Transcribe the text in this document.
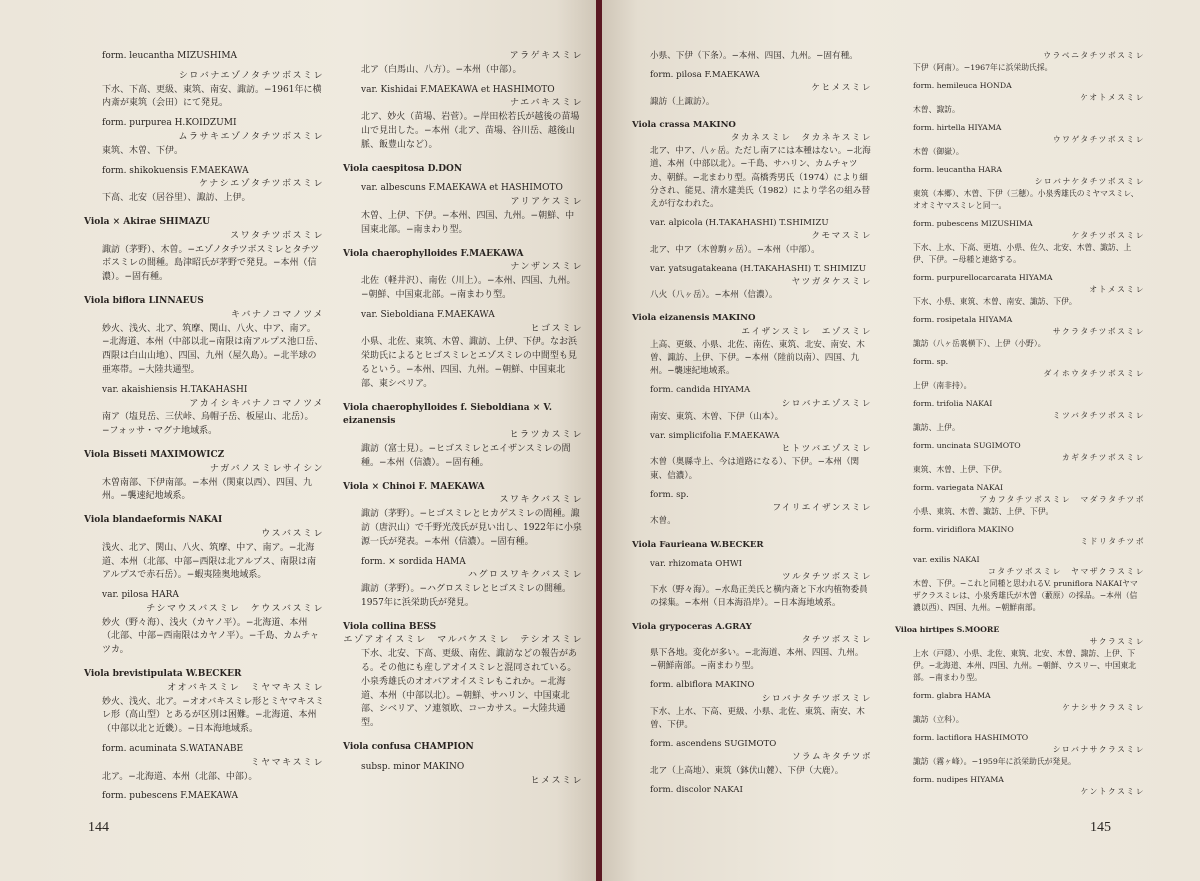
form. leucantha MIZUSHIMA
シロバナエゾノタチツボスミレ
下水、下高、更級、東筑、南安、諏訪。−1961年に横内斎が東筑（会田）にて発見。
form. purpurea H.KOIDZUMI
ムラサキエゾノタチツボスミレ
東筑、木曽、下伊。
form. shikokuensis F.MAEKAWA
ケナシエゾタチツボスミレ
下高、北安（居谷里）、諏訪、上伊。
Viola × Akirae SHIMAZU
スワタチツボスミレ
諏訪（茅野）、木曽。−エゾノタチツボスミレとタチツボスミレの間種。島津昭氏が茅野で発見。−本州（信濃）。−固有種。
Viola biflora LINNAEUS
キバナノコマノツメ
妙火、浅火、北ア、筑摩、関山、八火、中ア、南ア。−北海道、本州（中部以北−南限は南アルプス池口岳、西限は白山山地）、四国、九州（屋久島）。−北半球の亜寒帯。−大陸共通型。
var. akaishiensis H.TAKAHASHI
アカイシキバナノコマノツメ
南ア（塩見岳、三伏峠、烏帽子岳、板屋山、北岳）。−フォッサ・マグナ地域系。
Viola Bisseti MAXIMOWICZ
ナガバノスミレサイシン
木曽南部、下伊南部。−本州（関東以西）、四国、九州。−襲速紀地域系。
Viola blandaeformis NAKAI
ウスバスミレ
浅火、北ア、関山、八火、筑摩、中ア、南ア。−北海道、本州（北部、中部−西限は北アルプス、南限は南アルプスで赤石岳）。−蝦夷陸奥地域系。
var. pilosa HARA
チシマウスバスミレ　ケウスバスミレ
妙火（野々海）、浅火（カヤノ平）。−北海道、本州（北部、中部−西南限はカヤノ平）。−千島、カムチャツカ。
Viola brevistipulata W.BECKER
オオバキスミレ　ミヤマキスミレ
妙火、浅火、北ア。−オオバキスミレ形とミヤマキスミレ形（高山型）とあるが区別は困難。−北海道、本州（中部以北と近畿）。−日本海地域系。
form. acuminata S.WATANABE
ミヤマキスミレ
北ア。−北海道、本州（北部、中部）。
form. pubescens F.MAEKAWA
アラゲキスミレ
北ア（白馬山、八方）。−本州（中部）。
var. Kishidai F.MAEKAWA et HASHIMOTO
ナエバキスミレ
北ア、妙火（苗場、岩菅）。−岸田松若氏が越後の苗場山で見出した。−本州（北ア、苗場、谷川岳、越後山脈、飯豊山など）。
Viola caespitosa D.DON
var. albescuns F.MAEKAWA et HASHIMOTO
アリアケスミレ
木曽、上伊、下伊。−本州、四国、九州。−朝鮮、中国東北部。−南まわり型。
Viola chaerophylloides F.MAEKAWA
ナンザンスミレ
北佐（軽井沢）、南佐（川上）。−本州、四国、九州。−朝鮮、中国東北部。−南まわり型。
var. Sieboldiana F.MAEKAWA
ヒゴスミレ
小県、北佐、東筑、木曽、諏訪、上伊、下伊。なお浜栄助氏によるとヒゴスミレとエゾスミレの中間型も見るという。−本州、四国、九州。−朝鮮、中国東北部、東シベリア。
Viola chaerophylloides f. Sieboldiana × V. eizanensis
ヒラツカスミレ
諏訪（富士見）。−ヒゴスミレとエイザンスミレの間種。−本州（信濃）。−固有種。
Viola × Chinoi F. MAEKAWA
スワキクバスミレ
諏訪（茅野）。−ヒゴスミレとヒカゲスミレの間種。諏訪（唐沢山）で千野光茂氏が見い出し、1922年に小泉源一氏が発表。−本州（信濃）。−固有種。
form. × sordida HAMA
ハグロスワキクバスミレ
諏訪（茅野）。−ハグロスミレとヒゴスミレの間種。1957年に浜栄助氏が発見。
Viola collina BESS
エゾアオイスミレ　マルバケスミレ　テシオスミレ
下水、北安、下高、更級、南佐、諏訪などの報告がある。その他にも産しアオイスミレと混同されている。小泉秀雄氏のオオバアオイスミレもこれか。−北海道、本州（中部以北）。−朝鮮、サハリン、中国東北部、シベリア、ソ連領欧、コーカサス。−大陸共通型。
Viola confusa CHAMPION
subsp. minor MAKINO
ヒメスミレ
144
小県、下伊（下条）。−本州、四国、九州。−固有種。
form. pilosa F.MAEKAWA
ケヒメスミレ
諏訪（上諏訪）。
Viola crassa MAKINO
タカネスミレ　タカネキスミレ
北ア、中ア、八ヶ岳。ただし南アには本種はない。−北海道、本州（中部以北）。−千島、サハリン、カムチャツカ、朝鮮。−北まわり型。高橋秀男氏（1974）により細分され、能見、清水建美氏（1982）により学名の組み替えが行なわれた。
var. alpicola (H.TAKAHASHI) T.SHIMIZU
クモマスミレ
北ア、中ア（木曽駒ヶ岳）。−本州（中部）。
var. yatsugatakeana (H.TAKAHASHI) T. SHIMIZU
ヤツガタケスミレ
八火（八ヶ岳）。−本州（信濃）。
Viola eizanensis MAKINO
エイザンスミレ　エゾスミレ
上高、更級、小県、北佐、南佐、東筑、北安、南安、木曽、諏訪、上伊、下伊。−本州（陸前以南）、四国、九州。−襲速紀地域系。
form. candida HIYAMA
シロバナエゾスミレ
南安、東筑、木曽、下伊（山本）。
var. simplicifolia F.MAEKAWA
ヒトツバエゾスミレ
木曽（奥縣寺上、今は道路になる）、下伊。−本州（関東、信濃）。
form. sp.
フイリエイザンスミレ
木曽。
Viola Faurieana W.BECKER
var. rhizomata OHWI
ツルタチツボスミレ
下水（野々海）。−水島正美氏と横内斎と下水内植物委員の採集。−本州（日本海沿岸）。−日本海地域系。
Viola grypoceras A.GRAY
タチツボスミレ
県下各地。変化が多い。−北海道、本州、四国、九州。−朝鮮南部。−南まわり型。
form. albiflora MAKINO
シロバナタチツボスミレ
下水、上水、下高、更級、小県、北佐、東筑、南安、木曽、下伊。
form. ascendens SUGIMOTO
ソラムキタチツボ
北ア（上高地）、東筑（鉢伏山麓）、下伊（大鹿）。
form. discolor NAKAI
ウラベニタチツボスミレ
下伊（阿南）。−1967年に浜栄助氏採。
form. hemileuca HONDA
ケオトメスミレ
木曽、諏訪。
form. hirtella HIYAMA
ウワゲタチツボスミレ
木曽（御嶽）。
form. leucantha HARA
シロバナケタチツボスミレ
東筑（本郷）、木曽、下伊（三穂）。小泉秀雄氏のミヤマスミレ、オオミヤマスミレと同一。
form. pubescens MIZUSHIMA
ケタチツボスミレ
下水、上水、下高、更埴、小県、佐久、北安、木曽、諏訪、上伊、下伊。−母種と連絡する。
form. purpurellocarcarata HIYAMA
オトメスミレ
下水、小県、東筑、木曽、南安、諏訪、下伊。
form. rosipetala HIYAMA
サクラタチツボスミレ
諏訪（八ヶ岳裏横下）、上伊（小野）。
form. sp.
ダイホウタチツボスミレ
上伊（南非持）。
form. trifolia NAKAI
ミツバタチツボスミレ
諏訪、上伊。
form. uncinata SUGIMOTO
カギタチツボスミレ
東筑、木曽、上伊、下伊。
form. variegata NAKAI
アカフタチツボスミレ　マダラタチツボ
小県、東筑、木曽、諏訪、上伊、下伊。
form. viridiflora MAKINO
ミドリタチツボ
var. exilis NAKAI
コタチツボスミレ　ヤマザクラスミレ
木曽、下伊。−これと同種と思われるV. pruniflora NAKAIヤマザクラスミレは、小泉秀雄氏が木曽（藪原）の採品。−本州（信濃以西）、四国、九州。−朝鮮南部。
Viloa hirtipes S.MOORE
サクラスミレ
上水（戸隠）、小県、北佐、東筑、北安、木曽、諏訪、上伊、下伊。−北海道、本州、四国、九州。−朝鮮、ウスリー、中国東北部。−南まわり型。
form. glabra HAMA
ケナシサクラスミレ
諏訪（立科）。
form. lactiflora HASHIMOTO
シロバナサクラスミレ
諏訪（霧ヶ峰）。−1959年に浜栄助氏が発見。
form. nudipes HIYAMA
ケントクスミレ
145
